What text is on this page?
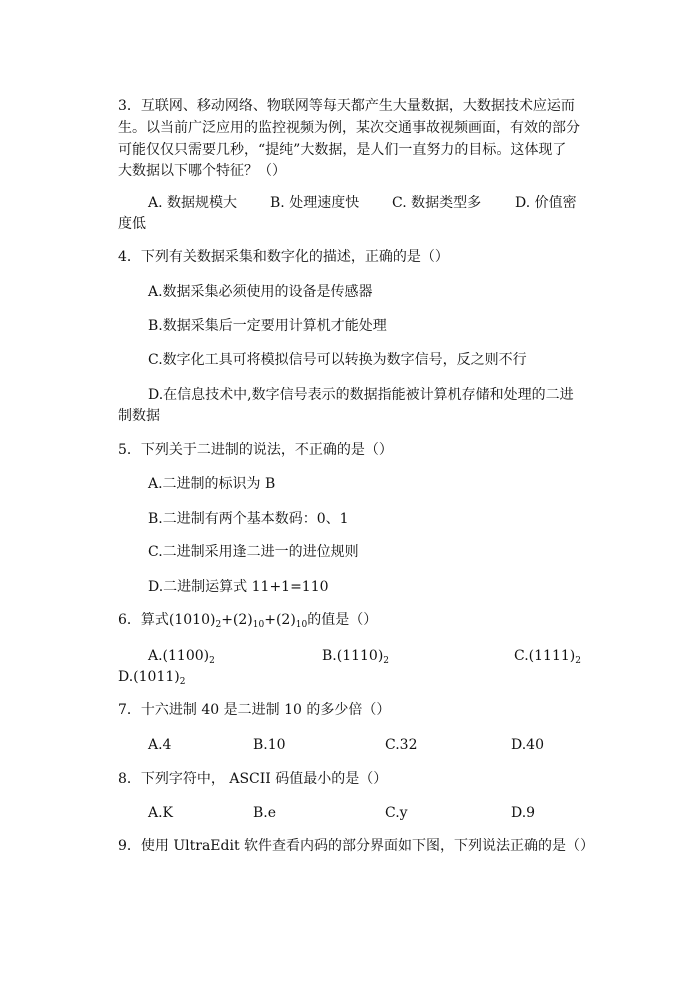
3．互联网、移动网络、物联网等每天都产生大量数据，大数据技术应运而
生。以当前广泛应用的监控视频为例，某次交通事故视频画面，有效的部分
可能仅仅只需要几秒，“提纯”大数据，是人们一直努力的目标。这体现了
大数据以下哪个特征？（）
A. 数据规模大 B. 处理速度快 C. 数据类型多 D. 价值密
度低
4．下列有关数据采集和数字化的描述，正确的是（）
A.数据采集必须使用的设备是传感器
B.数据采集后一定要用计算机才能处理
C.数字化工具可将模拟信号可以转换为数字信号，反之则不行
D.在信息技术中,数字信号表示的数据指能被计算机存储和处理的二进
制数据
5．下列关于二进制的说法，不正确的是（）
A.二进制的标识为 B
B.二进制有两个基本数码：0、1
C.二进制采用逢二进一的进位规则
D.二进制运算式 11+1=110
6．算式$(1010)_2+(2)_{10}+(2)_{10}$的值是（）
$A.(1100)_2$	$B.(1110)_2$	$C.(1111)_2$
$D.(1011)_2$
7．十六进制 40 是二进制 10 的多少倍（）
A.4	B.10	C.32	D.40
8．下列字符中， ASCII 码值最小的是（）
A.K	B.e	C.y	D.9
9．使用 UltraEdit 软件查看内码的部分界面如下图，下列说法正确的是（）
